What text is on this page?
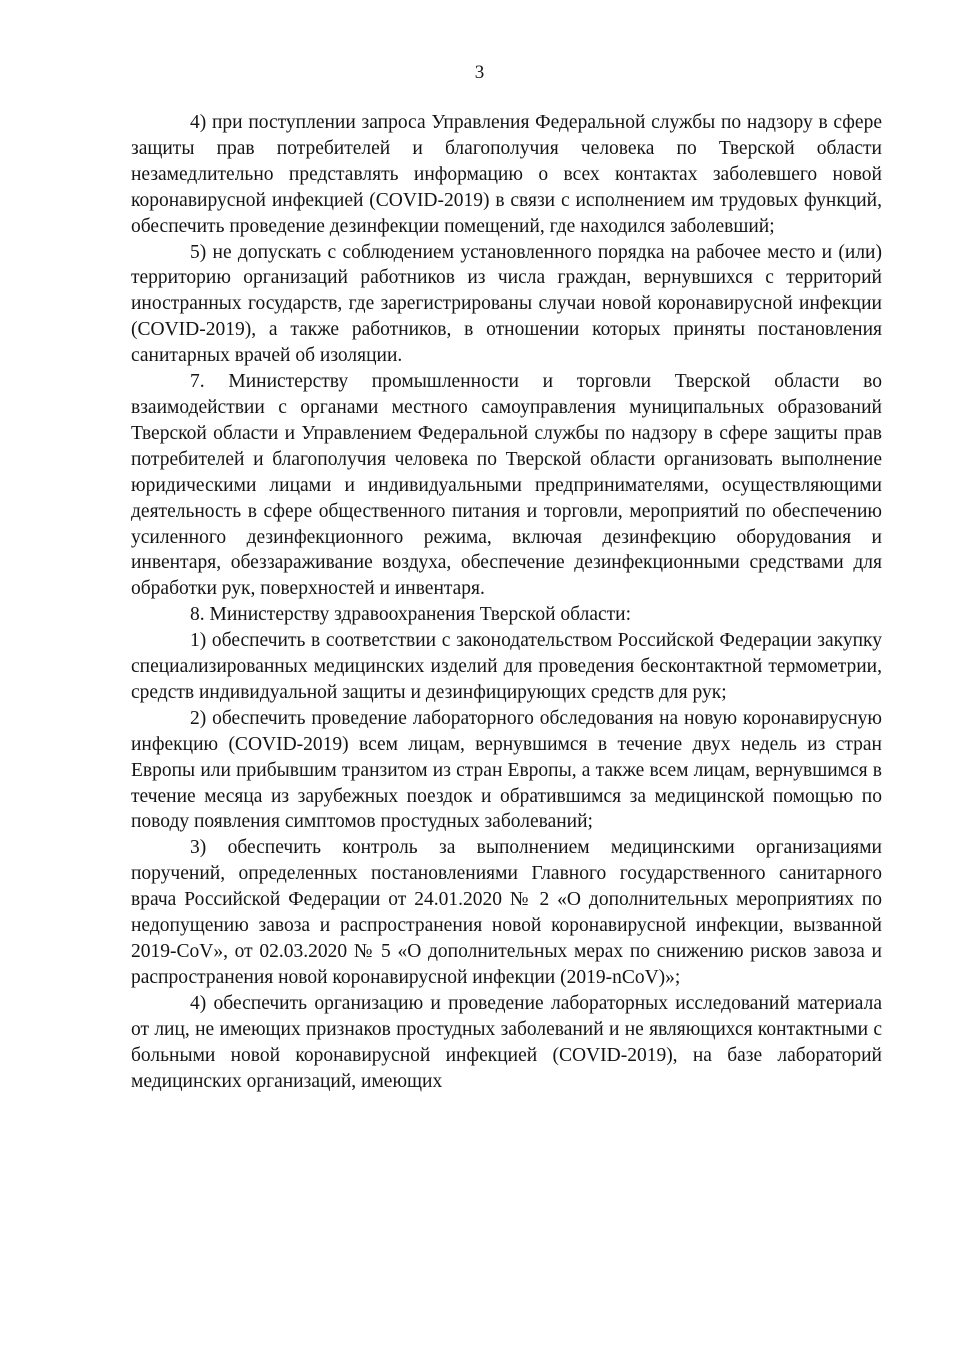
3

4) при поступлении запроса Управления Федеральной службы по надзору в сфере защиты прав потребителей и благополучия человека по Тверской области незамедлительно представлять информацию о всех контактах заболевшего новой коронавирусной инфекцией (COVID-2019) в связи с исполнением им трудовых функций, обеспечить проведение дезинфекции помещений, где находился заболевший;

5) не допускать с соблюдением установленного порядка на рабочее место и (или) территорию организаций работников из числа граждан, вернувшихся с территорий иностранных государств, где зарегистрированы случаи новой коронавирусной инфекции (COVID-2019), а также работников, в отношении которых приняты постановления санитарных врачей об изоляции.

7. Министерству промышленности и торговли Тверской области во взаимодействии с органами местного самоуправления муниципальных образований Тверской области и Управлением Федеральной службы по надзору в сфере защиты прав потребителей и благополучия человека по Тверской области организовать выполнение юридическими лицами и индивидуальными предпринимателями, осуществляющими деятельность в сфере общественного питания и торговли, мероприятий по обеспечению усиленного дезинфекционного режима, включая дезинфекцию оборудования и инвентаря, обеззараживание воздуха, обеспечение дезинфекционными средствами для обработки рук, поверхностей и инвентаря.

8. Министерству здравоохранения Тверской области:

1) обеспечить в соответствии с законодательством Российской Федерации закупку специализированных медицинских изделий для проведения бесконтактной термометрии, средств индивидуальной защиты и дезинфицирующих средств для рук;

2) обеспечить проведение лабораторного обследования на новую коронавирусную инфекцию (COVID-2019) всем лицам, вернувшимся в течение двух недель из стран Европы или прибывшим транзитом из стран Европы, а также всем лицам, вернувшимся в течение месяца из зарубежных поездок и обратившимся за медицинской помощью по поводу появления симптомов простудных заболеваний;

3) обеспечить контроль за выполнением медицинскими организациями поручений, определенных постановлениями Главного государственного санитарного врача Российской Федерации от 24.01.2020 № 2 «О дополнительных мероприятиях по недопущению завоза и распространения новой коронавирусной инфекции, вызванной 2019-CoV», от 02.03.2020 № 5 «О дополнительных мерах по снижению рисков завоза и распространения новой коронавирусной инфекции (2019-nCoV)»;

4) обеспечить организацию и проведение лабораторных исследований материала от лиц, не имеющих признаков простудных заболеваний и не являющихся контактными с больными новой коронавирусной инфекцией (COVID-2019), на базе лабораторий медицинских организаций, имеющих
